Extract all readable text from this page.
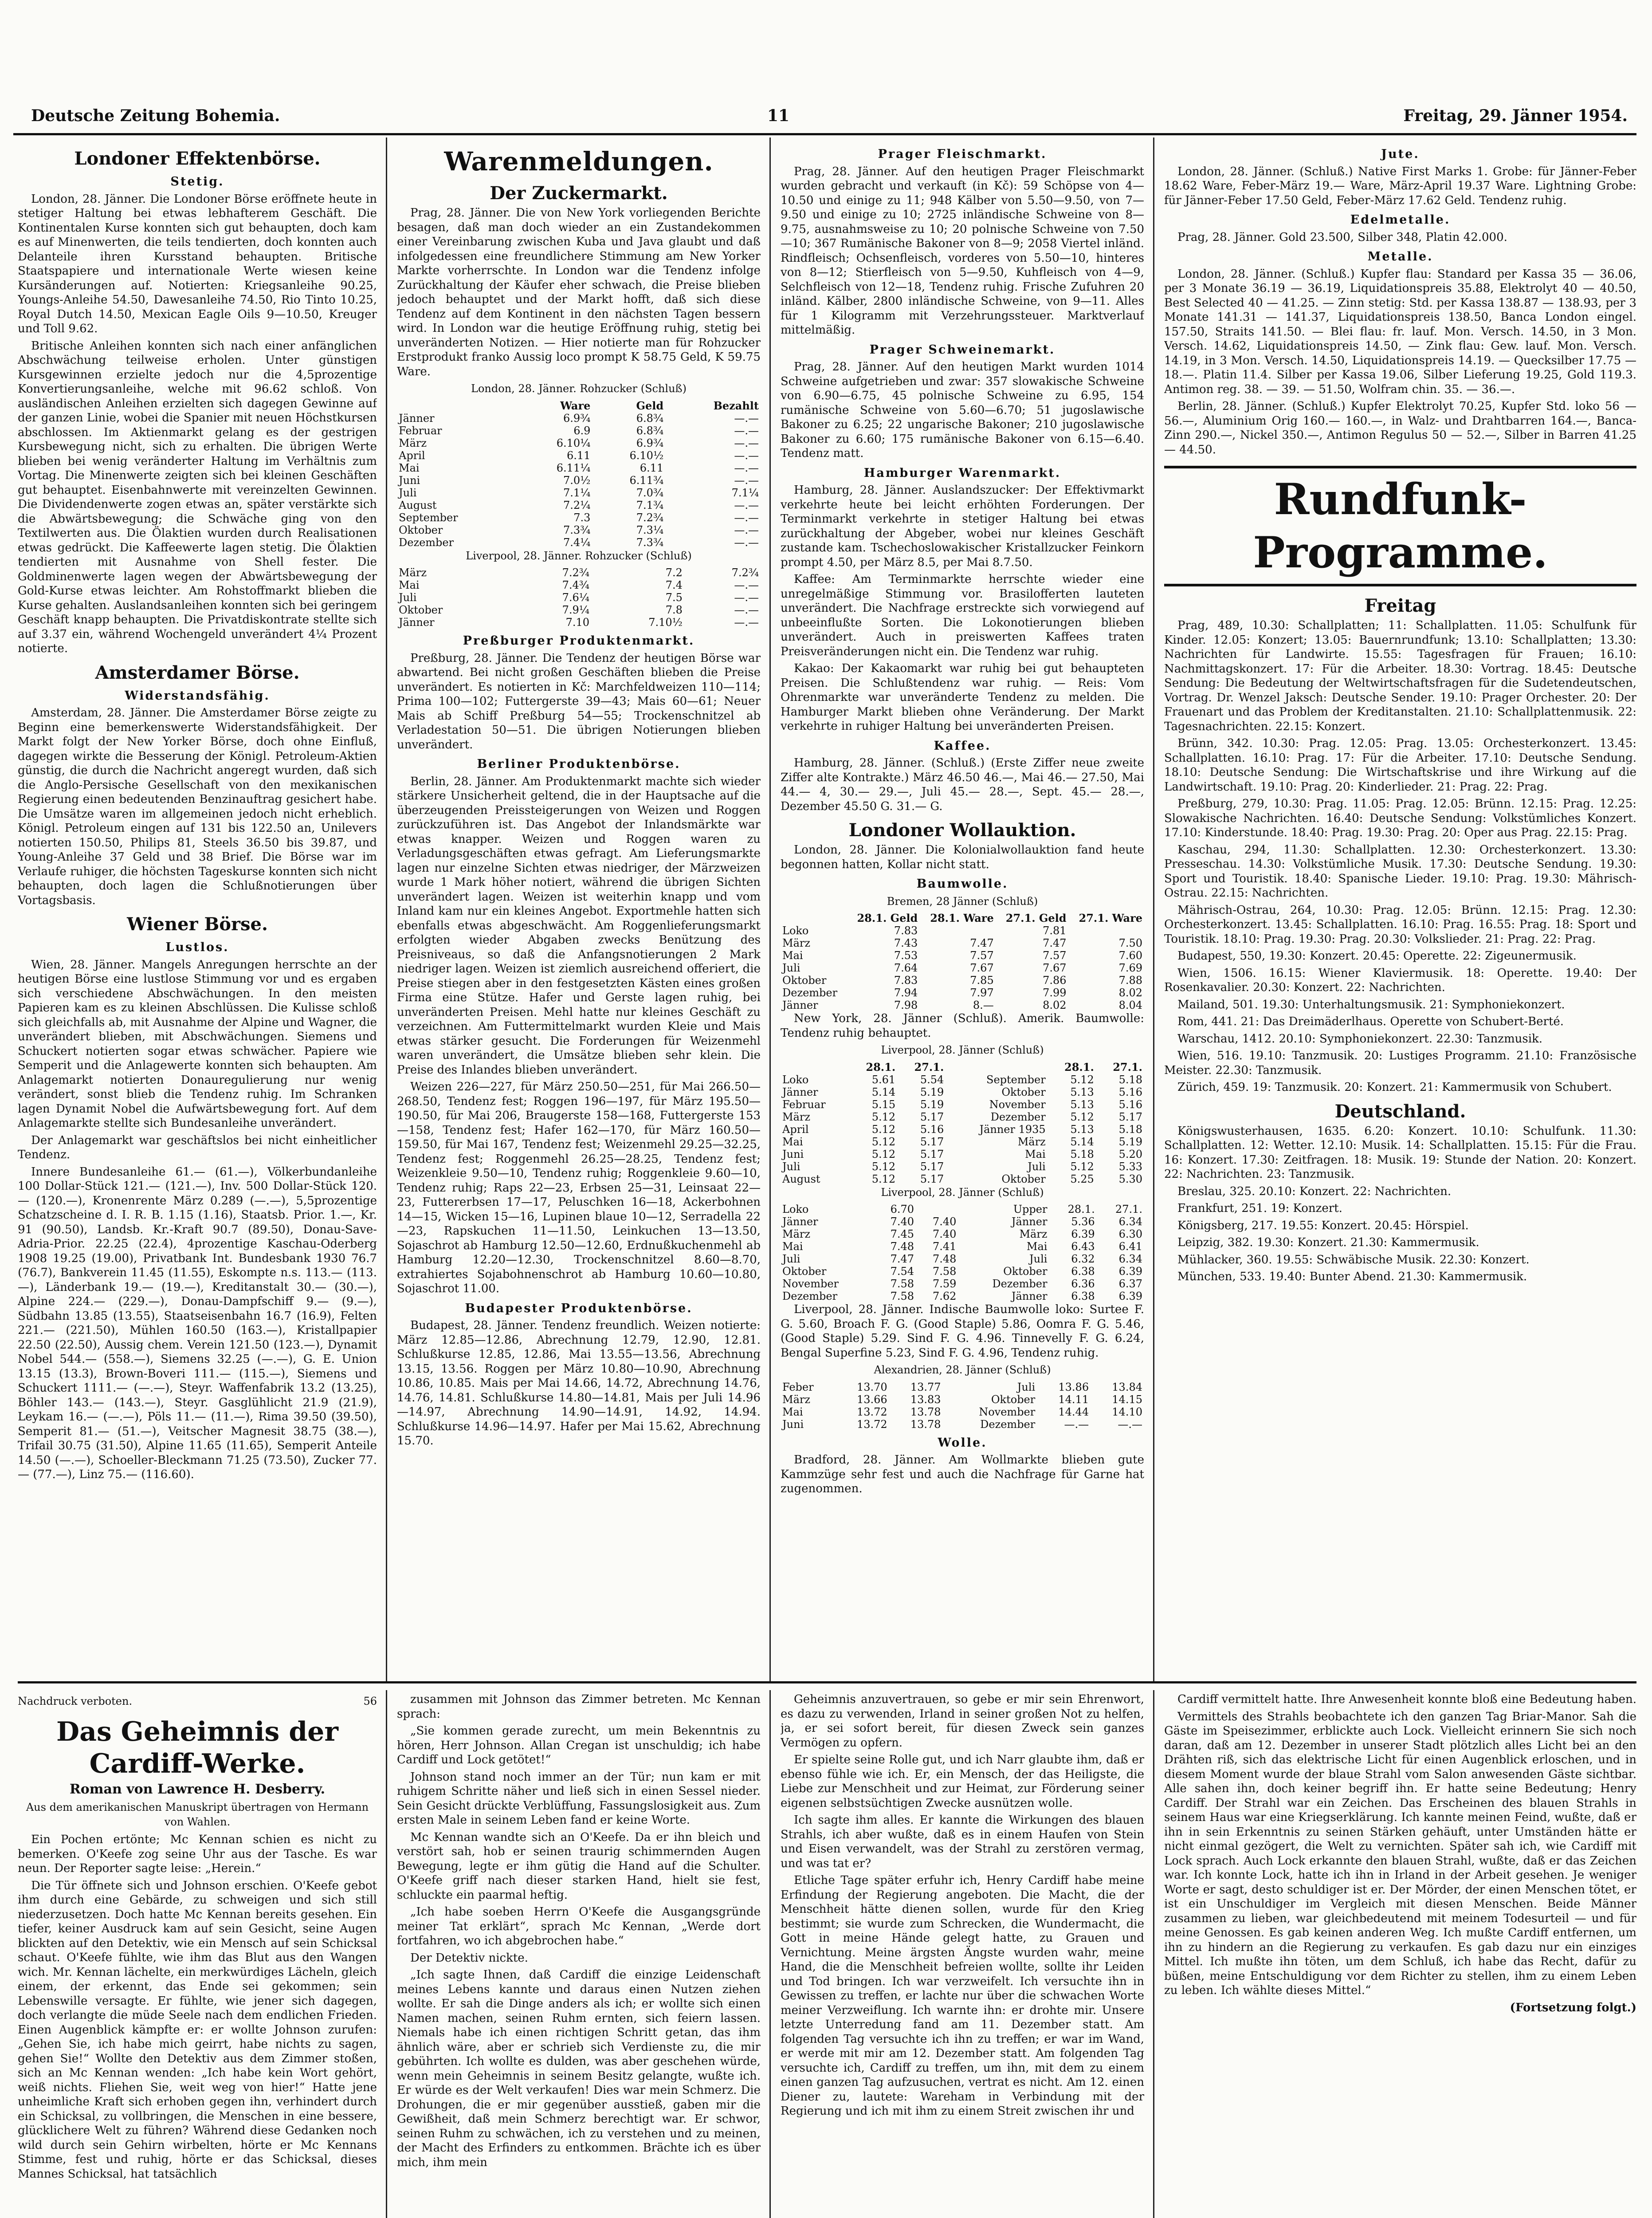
Deutsche Zeitung Bohemia.	11	Freitag, 29. Jänner 1954.
Londoner Effektenbörse.
Stetig.

London, 28. Jänner. Die Londoner Börse eröffnete heute in stetiger Haltung bei etwas lebhafterem Geschäft. Die Kontinentalen Kurse konnten sich gut behaupten, doch kam es auf Minenwerten, die teils tendierten, doch konnten auch Delanteile ihren Kursstand behaupten. Britische Staatspapiere und internationale Werte wiesen keine Kursänderungen auf. Notierten: Kriegsanleihe 90.25, Youngs-Anleihe 54.50, Dawesanleihe 74.50, Rio Tinto 10.25, Royal Dutch 14.50, Mexican Eagle Oils 9—10.50, Kreuger und Toll 9.62.

Britische Anleihen konnten sich nach einer anfänglichen Abschwächung teilweise erholen. Unter günstigen Kursgewinnen erzielte jedoch nur die 4,5prozentige Konvertierungsanleihe, welche mit 96.62 schloß. Von ausländischen Anleihen erzielten sich dagegen Gewinne auf der ganzen Linie, wobei die Spanier mit neuen Höchstkursen abschlossen. Im Aktienmarkt gelang es der gestrigen Kursbewegung nicht, sich zu erhalten. Die übrigen Werte blieben bei wenig veränderter Haltung im Verhältnis zum Vortag. Die Minenwerte zeigten sich bei kleinen Geschäften gut behauptet. Eisenbahnwerte mit vereinzelten Gewinnen. Die Dividendenwerte zogen etwas an, später verstärkte sich die Abwärtsbewegung; die Schwäche ging von den Textilwerten aus. Die Ölaktien wurden durch Realisationen etwas gedrückt. Die Kaffeewerte lagen stetig. Die Ölaktien tendierten mit Ausnahme von Shell fester. Die Goldminenwerte lagen wegen der Abwärtsbewegung der Gold-Kurse etwas leichter. Am Rohstoffmarkt blieben die Kurse gehalten. Auslandsanleihen konnten sich bei geringem Geschäft knapp behaupten. Die Privatdiskontrate stellte sich auf 3.37 ein, während Wochengeld unverändert 4¼ Prozent notierte.

Amsterdamer Börse.
Widerstandsfähig.

Amsterdam, 28. Jänner. Die Amsterdamer Börse zeigte zu Beginn eine bemerkenswerte Widerstandsfähigkeit. Der Markt folgt der New Yorker Börse, doch ohne Einfluß, dagegen wirkte die Besserung der Königl. Petroleum-Aktien günstig, die durch die Nachricht angeregt wurden, daß sich die Anglo-Persische Gesellschaft von den mexikanischen Regierung einen bedeutenden Benzinauftrag gesichert habe. Die Umsätze waren im allgemeinen jedoch nicht erheblich. Königl. Petroleum eingen auf 131 bis 122.50 an, Unilevers notierten 150.50, Philips 81, Steels 36.50 bis 39.87, und Young-Anleihe 37 Geld und 38 Brief. Die Börse war im Verlaufe ruhiger, die höchsten Tageskurse konnten sich nicht behaupten, doch lagen die Schlußnotierungen über Vortagsbasis.

Wiener Börse.
Lustlos.

Wien, 28. Jänner. Mangels Anregungen herrschte an der heutigen Börse eine lustlose Stimmung vor und es ergaben sich verschiedene Abschwächungen. In den meisten Papieren kam es zu kleinen Abschlüssen. Die Kulisse schloß sich gleichfalls ab, mit Ausnahme der Alpine und Wagner, die unverändert blieben, mit Abschwächungen. Siemens und Schuckert notierten sogar etwas schwächer. Papiere wie Semperit und die Anlagewerte konnten sich behaupten. Am Anlagemarkt notierten Donauregulierung nur wenig verändert, sonst blieb die Tendenz ruhig. Im Schranken lagen Dynamit Nobel die Aufwärtsbewegung fort. Auf dem Anlagemarkte stellte sich Bundesanleihe unverändert.

Der Anlagemarkt war geschäftslos bei nicht einheitlicher Tendenz.

Innere Bundesanleihe 61.— (61.—), Völkerbundanleihe 100 Dollar-Stück 121.— (121.—), Inv. 500 Dollar-Stück 120.— (120.—), Kronenrente März 0.289 (—.—), 5,5prozentige Schatzscheine d. I. R. B. 1.15 (1.16), Staatsb. Prior. 1.—, Kr. 91 (90.50), Landsb. Kr.-Kraft 90.7 (89.50), Donau-Save-Adria-Prior. 22.25 (22.4), 4prozentige Kaschau-Oderberg 1908 19.25 (19.00), Privatbank Int. Bundesbank 1930 76.7 (76.7), Bankverein 11.45 (11.55), Eskompte n.s. 113.— (113.—), Länderbank 19.— (19.—), Kreditanstalt 30.— (30.—), Alpine 224.— (229.—), Donau-Dampfschiff 9.— (9.—), Südbahn 13.85 (13.55), Staatseisenbahn 16.7 (16.9), Felten 221.— (221.50), Mühlen 160.50 (163.—), Kristallpapier 22.50 (22.50), Aussig chem. Verein 121.50 (123.—), Dynamit Nobel 544.— (558.—), Siemens 32.25 (—.—), G. E. Union 13.15 (13.3), Brown-Boveri 111.— (115.—), Siemens und Schuckert 1111.— (—.—), Steyr. Waffenfabrik 13.2 (13.25), Böhler 143.— (143.—), Steyr. Gasglühlicht 21.9 (21.9), Leykam 16.— (—.—), Pöls 11.— (11.—), Rima 39.50 (39.50), Semperit 81.— (51.—), Veitscher Magnesit 38.75 (38.—), Trifail 30.75 (31.50), Alpine 11.65 (11.65), Semperit Anteile 14.50 (—.—), Schoeller-Bleckmann 71.25 (73.50), Zucker 77.— (77.—), Linz 75.— (116.60).

Warenmeldungen.
Der Zuckermarkt.

Prag, 28. Jänner. Die von New York vorliegenden Berichte besagen, daß man doch wieder an ein Zustandekommen einer Vereinbarung zwischen Kuba und Java glaubt und daß infolgedessen eine freundlichere Stimmung am New Yorker Markte vorherrschte. In London war die Tendenz infolge Zurückhaltung der Käufer eher schwach, die Preise blieben jedoch behauptet und der Markt hofft, daß sich diese Tendenz auf dem Kontinent in den nächsten Tagen bessern wird. In London war die heutige Eröffnung ruhig, stetig bei unveränderten Notizen. — Hier notierte man für Rohzucker Erstprodukt franko Aussig loco prompt K 58.75 Geld, K 59.75 Ware.

London, 28. Jänner. Rohzucker (Schluß)
	Ware	Geld	Bezahlt
Jänner	6.9¾	6.8¾	—.—
Februar	6.9	6.8¾	—.—
März	6.10¼	6.9¾	—.—
April	6.11	6.10½	—.—
Mai	6.11¼	6.11	—.—
Juni	7.0½	6.11¾	—.—
Juli	7.1¼	7.0¾	7.1¼
August	7.2¼	7.1¾	—.—
September	7.3	7.2¾	—.—
Oktober	7.3¾	7.3¼	—.—
Dezember	7.4¼	7.3¾	—.—
Liverpool, 28. Jänner. Rohzucker (Schluß)
März	7.2¾	7.2	7.2¾
Mai	7.4¾	7.4	—.—
Juli	7.6¼	7.5	—.—
Oktober	7.9¼	7.8	—.—
Jänner	7.10	7.10½	—.—
Preßburger Produktenmarkt.

Preßburg, 28. Jänner. Die Tendenz der heutigen Börse war abwartend. Bei nicht großen Geschäften blieben die Preise unverändert. Es notierten in Kč: Marchfeldweizen 110—114; Prima 100—102; Futtergerste 39—43; Mais 60—61; Neuer Mais ab Schiff Preßburg 54—55; Trockenschnitzel ab Verladestation 50—51. Die übrigen Notierungen blieben unverändert.

Berliner Produktenbörse.

Berlin, 28. Jänner. Am Produktenmarkt machte sich wieder stärkere Unsicherheit geltend, die in der Hauptsache auf die überzeugenden Preissteigerungen von Weizen und Roggen zurückzuführen ist. Das Angebot der Inlandsmärkte war etwas knapper. Weizen und Roggen waren zu Verladungsgeschäften etwas gefragt. Am Lieferungsmarkte lagen nur einzelne Sichten etwas niedriger, der Märzweizen wurde 1 Mark höher notiert, während die übrigen Sichten unverändert lagen. Weizen ist weiterhin knapp und vom Inland kam nur ein kleines Angebot. Exportmehle hatten sich ebenfalls etwas abgeschwächt. Am Roggenlieferungsmarkt erfolgten wieder Abgaben zwecks Benützung des Preisniveaus, so daß die Anfangsnotierungen 2 Mark niedriger lagen. Weizen ist ziemlich ausreichend offeriert, die Preise stiegen aber in den festgesetzten Kästen eines großen Firma eine Stütze. Hafer und Gerste lagen ruhig, bei unveränderten Preisen. Mehl hatte nur kleines Geschäft zu verzeichnen. Am Futtermittelmarkt wurden Kleie und Mais etwas stärker gesucht. Die Forderungen für Weizenmehl waren unverändert, die Umsätze blieben sehr klein. Die Preise des Inlandes blieben unverändert.

Weizen 226—227, für März 250.50—251, für Mai 266.50—268.50, Tendenz fest; Roggen 196—197, für März 195.50—190.50, für Mai 206, Braugerste 158—168, Futtergerste 153—158, Tendenz fest; Hafer 162—170, für März 160.50—159.50, für Mai 167, Tendenz fest; Weizenmehl 29.25—32.25, Tendenz fest; Roggenmehl 26.25—28.25, Tendenz fest; Weizenkleie 9.50—10, Tendenz ruhig; Roggenkleie 9.60—10, Tendenz ruhig; Raps 22—23, Erbsen 25—31, Leinsaat 22—23, Futtererbsen 17—17, Peluschken 16—18, Ackerbohnen 14—15, Wicken 15—16, Lupinen blaue 10—12, Serradella 22—23, Rapskuchen 11—11.50, Leinkuchen 13—13.50, Sojaschrot ab Hamburg 12.50—12.60, Erdnußkuchenmehl ab Hamburg 12.20—12.30, Trockenschnitzel 8.60—8.70, extrahiertes Sojabohnenschrot ab Hamburg 10.60—10.80, Sojaschrot 11.00.

Budapester Produktenbörse.

Budapest, 28. Jänner. Tendenz freundlich. Weizen notierte: März 12.85—12.86, Abrechnung 12.79, 12.90, 12.81. Schlußkurse 12.85, 12.86, Mai 13.55—13.56, Abrechnung 13.15, 13.56. Roggen per März 10.80—10.90, Abrechnung 10.86, 10.85. Mais per Mai 14.66, 14.72, Abrechnung 14.76, 14.76, 14.81. Schlußkurse 14.80—14.81, Mais per Juli 14.96—14.97, Abrechnung 14.90—14.91, 14.92, 14.94. Schlußkurse 14.96—14.97. Hafer per Mai 15.62, Abrechnung 15.70.

Prager Fleischmarkt.

Prag, 28. Jänner. Auf den heutigen Prager Fleischmarkt wurden gebracht und verkauft (in Kč): 59 Schöpse von 4—10.50 und einige zu 11; 948 Kälber von 5.50—9.50, von 7—9.50 und einige zu 10; 2725 inländische Schweine von 8—9.75, ausnahmsweise zu 10; 20 polnische Schweine von 7.50—10; 367 Rumänische Bakoner von 8—9; 2058 Viertel inländ. Rindfleisch; Ochsenfleisch, vorderes von 5.50—10, hinteres von 8—12; Stierfleisch von 5—9.50, Kuhfleisch von 4—9, Selchfleisch von 12—18, Tendenz ruhig. Frische Zufuhren 20 inländ. Kälber, 2800 inländische Schweine, von 9—11. Alles für 1 Kilogramm mit Verzehrungssteuer. Marktverlauf mittelmäßig.

Prager Schweinemarkt.

Prag, 28. Jänner. Auf den heutigen Markt wurden 1014 Schweine aufgetrieben und zwar: 357 slowakische Schweine von 6.90—6.75, 45 polnische Schweine zu 6.95, 154 rumänische Schweine von 5.60—6.70; 51 jugoslawische Bakoner zu 6.25; 22 ungarische Bakoner; 210 jugoslawische Bakoner zu 6.60; 175 rumänische Bakoner von 6.15—6.40. Tendenz matt.

Hamburger Warenmarkt.

Hamburg, 28. Jänner. Auslandszucker: Der Effektivmarkt verkehrte heute bei leicht erhöhten Forderungen. Der Terminmarkt verkehrte in stetiger Haltung bei etwas zurückhaltung der Abgeber, wobei nur kleines Geschäft zustande kam. Tschechoslowakischer Kristallzucker Feinkorn prompt 4.50, per März 8.5, per Mai 8.7.50.

Kaffee: Am Terminmarkte herrschte wieder eine unregelmäßige Stimmung vor. Brasilofferten lauteten unverändert. Die Nachfrage erstreckte sich vorwiegend auf unbeeinflußte Sorten. Die Lokonotierungen blieben unverändert. Auch in preiswerten Kaffees traten Preisveränderungen nicht ein. Die Tendenz war ruhig.

Kakao: Der Kakaomarkt war ruhig bei gut behaupteten Preisen. Die Schlußtendenz war ruhig. — Reis: Vom Ohrenmarkte war unveränderte Tendenz zu melden. Die Hamburger Markt blieben ohne Veränderung. Der Markt verkehrte in ruhiger Haltung bei unveränderten Preisen.

Kaffee.

Hamburg, 28. Jänner. (Schluß.) (Erste Ziffer neue zweite Ziffer alte Kontrakte.) März 46.50 46.—, Mai 46.— 27.50, Mai 44.— 4, 30.— 29.—, Juli 45.— 28.—, Sept. 45.— 28.—, Dezember 45.50 G. 31.— G.

Londoner Wollauktion.

London, 28. Jänner. Die Kolonialwollauktion fand heute begonnen hatten, Kollar nicht statt.

Baumwolle.
Bremen, 28 Jänner (Schluß)
	28.1. Geld	28.1. Ware	27.1. Geld	27.1. Ware
Loko	7.83		7.81	
März	7.43	7.47	7.47	7.50
Mai	7.53	7.57	7.57	7.60
Juli	7.64	7.67	7.67	7.69
Oktober	7.83	7.85	7.86	7.88
Dezember	7.94	7.97	7.99	8.02
Jänner	7.98	8.—	8.02	8.04

New York, 28. Jänner (Schluß). Amerik. Baumwolle: Tendenz ruhig behauptet.

Liverpool, 28. Jänner (Schluß)
	28.1.	27.1.		28.1.	27.1.
Loko	5.61	5.54	September	5.12	5.18
Jänner	5.14	5.19	Oktober	5.13	5.16
Februar	5.15	5.19	November	5.13	5.16
März	5.12	5.17	Dezember	5.12	5.17
April	5.12	5.16	Jänner 1935	5.13	5.18
Mai	5.12	5.17	März	5.14	5.19
Juni	5.12	5.17	Mai	5.18	5.20
Juli	5.12	5.17	Juli	5.12	5.33
August	5.12	5.17	Oktober	5.25	5.30
Liverpool, 28. Jänner (Schluß)
Loko	6.70		Upper	28.1.	27.1.
Jänner	7.40	7.40	Jänner	5.36	6.34
März	7.45	7.40	März	6.39	6.30
Mai	7.48	7.41	Mai	6.43	6.41
Juli	7.47	7.48	Juli	6.32	6.34
Oktober	7.54	7.58	Oktober	6.38	6.39
November	7.58	7.59	Dezember	6.36	6.37
Dezember	7.58	7.62	Jänner	6.38	6.39

Liverpool, 28. Jänner. Indische Baumwolle loko: Surtee F. G. 5.60, Broach F. G. (Good Staple) 5.86, Oomra F. G. 5.46, (Good Staple) 5.29. Sind F. G. 4.96. Tinnevelly F. G. 6.24, Bengal Superfine 5.23, Sind F. G. 4.96, Tendenz ruhig.

Alexandrien, 28. Jänner (Schluß)
Feber	13.70	13.77	Juli	13.86	13.84
März	13.66	13.83	Oktober	14.11	14.15
Mai	13.72	13.78	November	14.44	14.10
Juni	13.72	13.78	Dezember	—.—	—.—
Wolle.

Bradford, 28. Jänner. Am Wollmarkte blieben gute Kammzüge sehr fest und auch die Nachfrage für Garne hat zugenommen.

Jute.

London, 28. Jänner. (Schluß.) Native First Marks 1. Grobe: für Jänner-Feber 18.62 Ware, Feber-März 19.— Ware, März-April 19.37 Ware. Lightning Grobe: für Jänner-Feber 17.50 Geld, Feber-März 17.62 Geld. Tendenz ruhig.

Edelmetalle.

Prag, 28. Jänner. Gold 23.500, Silber 348, Platin 42.000.

Metalle.

London, 28. Jänner. (Schluß.) Kupfer flau: Standard per Kassa 35 — 36.06, per 3 Monate 36.19 — 36.19, Liquidationspreis 35.88, Elektrolyt 40 — 40.50, Best Selected 40 — 41.25. — Zinn stetig: Std. per Kassa 138.87 — 138.93, per 3 Monate 141.31 — 141.37, Liquidationspreis 138.50, Banca London eingel. 157.50, Straits 141.50. — Blei flau: fr. lauf. Mon. Versch. 14.50, in 3 Mon. Versch. 14.62, Liquidationspreis 14.50, — Zink flau: Gew. lauf. Mon. Versch. 14.19, in 3 Mon. Versch. 14.50, Liquidationspreis 14.19. — Quecksilber 17.75 — 18.—. Platin 11.4. Silber per Kassa 19.06, Silber Lieferung 19.25, Gold 119.3. Antimon reg. 38. — 39. — 51.50, Wolfram chin. 35. — 36.—.

Berlin, 28. Jänner. (Schluß.) Kupfer Elektrolyt 70.25, Kupfer Std. loko 56 — 56.—, Aluminium Orig 160.— 160.—, in Walz- und Drahtbarren 164.—, Banca-Zinn 290.—, Nickel 350.—, Antimon Regulus 50 — 52.—, Silber in Barren 41.25 — 44.50.

Rundfunk-Programme.
Freitag

Prag, 489, 10.30: Schallplatten; 11: Schallplatten. 11.05: Schulfunk für Kinder. 12.05: Konzert; 13.05: Bauernrundfunk; 13.10: Schallplatten; 13.30: Nachrichten für Landwirte. 15.55: Tagesfragen für Frauen; 16.10: Nachmittagskonzert. 17: Für die Arbeiter. 18.30: Vortrag. 18.45: Deutsche Sendung: Die Bedeutung der Weltwirtschaftsfragen für die Sudetendeutschen, Vortrag. Dr. Wenzel Jaksch: Deutsche Sender. 19.10: Prager Orchester. 20: Der Frauenart und das Problem der Kreditanstalten. 21.10: Schallplattenmusik. 22: Tagesnachrichten. 22.15: Konzert.

Brünn, 342. 10.30: Prag. 12.05: Prag. 13.05: Orchesterkonzert. 13.45: Schallplatten. 16.10: Prag. 17: Für die Arbeiter. 17.10: Deutsche Sendung. 18.10: Deutsche Sendung: Die Wirtschaftskrise und ihre Wirkung auf die Landwirtschaft. 19.10: Prag. 20: Kinderlieder. 21: Prag. 22: Prag.

Preßburg, 279, 10.30: Prag. 11.05: Prag. 12.05: Brünn. 12.15: Prag. 12.25: Slowakische Nachrichten. 16.40: Deutsche Sendung: Volkstümliches Konzert. 17.10: Kinderstunde. 18.40: Prag. 19.30: Prag. 20: Oper aus Prag. 22.15: Prag.

Kaschau, 294, 11.30: Schallplatten. 12.30: Orchesterkonzert. 13.30: Presseschau. 14.30: Volkstümliche Musik. 17.30: Deutsche Sendung. 19.30: Sport und Touristik. 18.40: Spanische Lieder. 19.10: Prag. 19.30: Mährisch-Ostrau. 22.15: Nachrichten.

Mährisch-Ostrau, 264, 10.30: Prag. 12.05: Brünn. 12.15: Prag. 12.30: Orchesterkonzert. 13.45: Schallplatten. 16.10: Prag. 16.55: Prag. 18: Sport und Touristik. 18.10: Prag. 19.30: Prag. 20.30: Volkslieder. 21: Prag. 22: Prag.

Budapest, 550, 19.30: Konzert. 20.45: Operette. 22: Zigeunermusik.

Wien, 1506. 16.15: Wiener Klaviermusik. 18: Operette. 19.40: Der Rosenkavalier. 20.30: Konzert. 22: Nachrichten.

Mailand, 501. 19.30: Unterhaltungsmusik. 21: Symphoniekonzert.

Rom, 441. 21: Das Dreimäderlhaus. Operette von Schubert-Berté.

Warschau, 1412. 20.10: Symphoniekonzert. 22.30: Tanzmusik.

Wien, 516. 19.10: Tanzmusik. 20: Lustiges Programm. 21.10: Französische Meister. 22.30: Tanzmusik.

Zürich, 459. 19: Tanzmusik. 20: Konzert. 21: Kammermusik von Schubert.

Deutschland.

Königswusterhausen, 1635. 6.20: Konzert. 10.10: Schulfunk. 11.30: Schallplatten. 12: Wetter. 12.10: Musik. 14: Schallplatten. 15.15: Für die Frau. 16: Konzert. 17.30: Zeitfragen. 18: Musik. 19: Stunde der Nation. 20: Konzert. 22: Nachrichten. 23: Tanzmusik.

Breslau, 325. 20.10: Konzert. 22: Nachrichten.

Frankfurt, 251. 19: Konzert.

Königsberg, 217. 19.55: Konzert. 20.45: Hörspiel.

Leipzig, 382. 19.30: Konzert. 21.30: Kammermusik.

Mühlacker, 360. 19.55: Schwäbische Musik. 22.30: Konzert.

München, 533. 19.40: Bunter Abend. 21.30: Kammermusik.

Nachdruck verboten.	56
Das Geheimnis der Cardiff-Werke.
Roman von Lawrence H. Desberry.
Aus dem amerikanischen Manuskript übertragen von Hermann von Wahlen.

Ein Pochen ertönte; Mc Kennan schien es nicht zu bemerken. O'Keefe zog seine Uhr aus der Tasche. Es war neun. Der Reporter sagte leise: „Herein.“

Die Tür öffnete sich und Johnson erschien. O'Keefe gebot ihm durch eine Gebärde, zu schweigen und sich still niederzusetzen. Doch hatte Mc Kennan bereits gesehen. Ein tiefer, keiner Ausdruck kam auf sein Gesicht, seine Augen blickten auf den Detektiv, wie ein Mensch auf sein Schicksal schaut. O'Keefe fühlte, wie ihm das Blut aus den Wangen wich. Mr. Kennan lächelte, ein merkwürdiges Lächeln, gleich einem, der erkennt, das Ende sei gekommen; sein Lebenswille versagte. Er fühlte, wie jener sich dagegen, doch verlangte die müde Seele nach dem endlichen Frieden. Einen Augenblick kämpfte er: er wollte Johnson zurufen: „Gehen Sie, ich habe mich geirrt, habe nichts zu sagen, gehen Sie!“ Wollte den Detektiv aus dem Zimmer stoßen, sich an Mc Kennan wenden: „Ich habe kein Wort gehört, weiß nichts. Fliehen Sie, weit weg von hier!“ Hatte jene unheimliche Kraft sich erhoben gegen ihn, verhindert durch ein Schicksal, zu vollbringen, die Menschen in eine bessere, glücklichere Welt zu führen? Während diese Gedanken noch wild durch sein Gehirn wirbelten, hörte er Mc Kennans Stimme, fest und ruhig, hörte er das Schicksal, dieses Mannes Schicksal, hat tatsächlich

zusammen mit Johnson das Zimmer betreten. Mc Kennan sprach:

„Sie kommen gerade zurecht, um mein Bekenntnis zu hören, Herr Johnson. Allan Cregan ist unschuldig; ich habe Cardiff und Lock getötet!“

Johnson stand noch immer an der Tür; nun kam er mit ruhigem Schritte näher und ließ sich in einen Sessel nieder. Sein Gesicht drückte Verblüffung, Fassungslosigkeit aus. Zum ersten Male in seinem Leben fand er keine Worte.

Mc Kennan wandte sich an O'Keefe. Da er ihn bleich und verstört sah, hob er seinen traurig schimmernden Augen Bewegung, legte er ihm gütig die Hand auf die Schulter. O'Keefe griff nach dieser starken Hand, hielt sie fest, schluckte ein paarmal heftig.

„Ich habe soeben Herrn O'Keefe die Ausgangsgründe meiner Tat erklärt“, sprach Mc Kennan, „Werde dort fortfahren, wo ich abgebrochen habe.“

Der Detektiv nickte.

„Ich sagte Ihnen, daß Cardiff die einzige Leidenschaft meines Lebens kannte und daraus einen Nutzen ziehen wollte. Er sah die Dinge anders als ich; er wollte sich einen Namen machen, seinen Ruhm ernten, sich feiern lassen. Niemals habe ich einen richtigen Schritt getan, das ihm ähnlich wäre, aber er schrieb sich Verdienste zu, die mir gebührten. Ich wollte es dulden, was aber geschehen würde, wenn mein Geheimnis in seinem Besitz gelangte, wußte ich. Er würde es der Welt verkaufen! Dies war mein Schmerz. Die Drohungen, die er mir gegenüber ausstieß, gaben mir die Gewißheit, daß mein Schmerz berechtigt war. Er schwor, seinen Ruhm zu schwächen, ich zu verstehen und zu meinen, der Macht des Erfinders zu entkommen. Brächte ich es über mich, ihm mein

Geheimnis anzuvertrauen, so gebe er mir sein Ehrenwort, es dazu zu verwenden, Irland in seiner großen Not zu helfen, ja, er sei sofort bereit, für diesen Zweck sein ganzes Vermögen zu opfern.

Er spielte seine Rolle gut, und ich Narr glaubte ihm, daß er ebenso fühle wie ich. Er, ein Mensch, der das Heiligste, die Liebe zur Menschheit und zur Heimat, zur Förderung seiner eigenen selbstsüchtigen Zwecke ausnützen wolle.

Ich sagte ihm alles. Er kannte die Wirkungen des blauen Strahls, ich aber wußte, daß es in einem Haufen von Stein und Eisen verwandelt, was der Strahl zu zerstören vermag, und was tat er?

Etliche Tage später erfuhr ich, Henry Cardiff habe meine Erfindung der Regierung angeboten. Die Macht, die der Menschheit hätte dienen sollen, wurde für den Krieg bestimmt; sie wurde zum Schrecken, die Wundermacht, die Gott in meine Hände gelegt hatte, zu Grauen und Vernichtung. Meine ärgsten Ängste wurden wahr, meine Hand, die die Menschheit befreien wollte, sollte ihr Leiden und Tod bringen. Ich war verzweifelt. Ich versuchte ihn in Gewissen zu treffen, er lachte nur über die schwachen Worte meiner Verzweiflung. Ich warnte ihn: er drohte mir. Unsere letzte Unterredung fand am 11. Dezember statt. Am folgenden Tag versuchte ich ihn zu treffen; er war im Wand, er werde mit mir am 12. Dezember statt. Am folgenden Tag versuchte ich, Cardiff zu treffen, um ihn, mit dem zu einem einen ganzen Tag aufzusuchen, vertrat es nicht. Am 12. einen Diener zu, lautete: Wareham in Verbindung mit der Regierung und ich mit ihm zu einem Streit zwischen ihr und

Cardiff vermittelt hatte. Ihre Anwesenheit konnte bloß eine Bedeutung haben.

Vermittels des Strahls beobachtete ich den ganzen Tag Briar-Manor. Sah die Gäste im Speisezimmer, erblickte auch Lock. Vielleicht erinnern Sie sich noch daran, daß am 12. Dezember in unserer Stadt plötzlich alles Licht bei an den Drähten riß, sich das elektrische Licht für einen Augenblick erloschen, und in diesem Moment wurde der blaue Strahl vom Salon anwesenden Gäste sichtbar. Alle sahen ihn, doch keiner begriff ihn. Er hatte seine Bedeutung; Henry Cardiff. Der Strahl war ein Zeichen. Das Erscheinen des blauen Strahls in seinem Haus war eine Kriegserklärung. Ich kannte meinen Feind, wußte, daß er ihn in sein Erkenntnis zu seinen Stärken gehäuft, unter Umständen hätte er nicht einmal gezögert, die Welt zu vernichten. Später sah ich, wie Cardiff mit Lock sprach. Auch Lock erkannte den blauen Strahl, wußte, daß er das Zeichen war. Ich konnte Lock, hatte ich ihn in Irland in der Arbeit gesehen. Je weniger Worte er sagt, desto schuldiger ist er. Der Mörder, der einen Menschen tötet, er ist ein Unschuldiger im Vergleich mit diesen Menschen. Beide Männer zusammen zu lieben, war gleichbedeutend mit meinem Todesurteil — und für meine Genossen. Es gab keinen anderen Weg. Ich mußte Cardiff entfernen, um ihn zu hindern an die Regierung zu verkaufen. Es gab dazu nur ein einziges Mittel. Ich mußte ihn töten, um dem Schluß, ich habe das Recht, dafür zu büßen, meine Entschuldigung vor dem Richter zu stellen, ihm zu einem Leben zu leben. Ich wählte dieses Mittel.“

(Fortsetzung folgt.)
